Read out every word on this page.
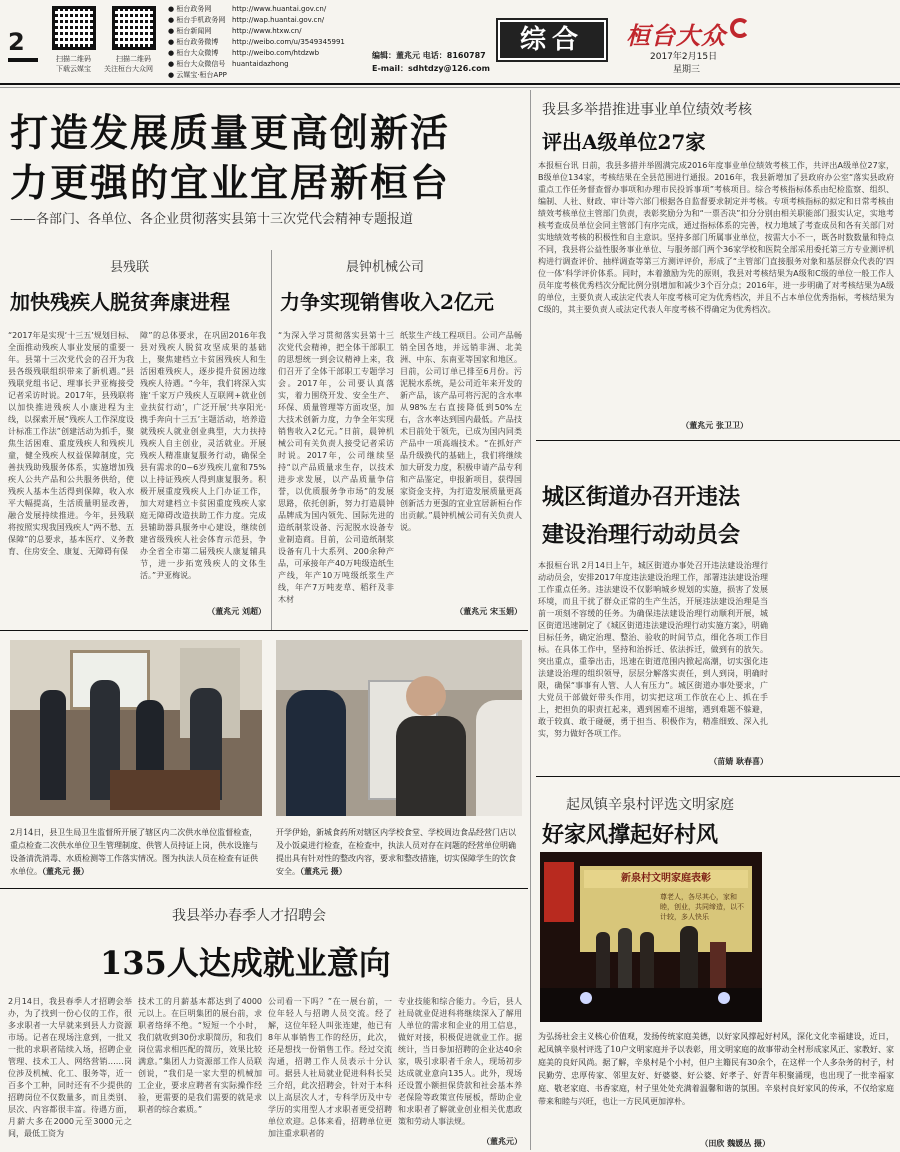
2
扫描二维码
下载云媒宝
扫描二维码
关注桓台大众网
● 桓台政务网	http://www.huantai.gov.cn/
● 桓台手机政务网 http://wap.huantai.gov.cn/
● 桓台新闻网	http://www.htxw.cn/
● 桓台政务微博 http://weibo.com/u/3549345991
● 桓台大众微博 http://weibo.com/htdzwb
● 桓台大众微信号 huantaidazhong
● 云媒宝·桓台APP
编辑：董兆元 电话：8160787
E-mail：sdhtdzy@126.com
综合	桓台大众
2017年2月15日
星期三
打造发展质量更高创新活
力更强的宜业宜居新桓台
——各部门、各单位、各企业贯彻落实县第十三次党代会精神专题报道
县残联
加快残疾人脱贫奔康进程
“2017年是实现‘十三五’规划目标、全面推动残疾人事业发展的重要一年。县第十三次党代会的召开为我县各级残联组织带来了新机遇。”县残联党组书记、理事长尹亚梅接受记者采访时说。2017年，县残联将以加快推进残疾人小康进程为主线，以探索开展“残疾人工作深度设计标准工作法”创建活动为抓手，聚焦生活困难、重度残疾人和残疾儿童，健全残疾人权益保障制度，完善扶残助残服务体系，实施增加残疾人公共产品和公共服务供给，使残疾人基本生活得到保障，收入水平大幅提高，生活质量明显改善，融合发展持续推进。今年，县残联将按照实现我国残疾人“两不愁、五保障”的总要求，基本医疗、义务教育、住房安全、康复、无障碍有保
障”的总体要求，在巩固2016年我县对残疾人脱贫攻坚成果的基础上，聚焦建档立卡贫困残疾人和生活困难残疾人，逐步提升贫困边缘残疾人待遇。“今年，我们将深入实施‘千家万户残疾人互联网+就业创业扶贫行动’，广泛开展‘共享阳光·携手奔向十三五’主题活动，培养造就残疾人就业创业典型，大力扶持残疾人自主创业，灵活就业。开展残疾人精准康复服务行动，确保全县有需求的0~6岁残疾儿童和75%以上持证残疾人得到康复服务。积极开展重度残疾人上门办证工作，加大对建档立卡贫困重度残疾人家庭无障碍改造扶助工作力度。完成县辅助器具服务中心建设，继续创建省级残疾人社会体育示范县，争办全省全市第二届残疾人康复辅具节，进一步拓宽残疾人的文体生活。”尹亚梅说。
（董兆元 刘超）
晨钟机械公司
力争实现销售收入2亿元
“为深入学习贯彻落实县第十三次党代会精神，把全体干部职工的思想统一到会议精神上来，我们召开了全体干部职工专题学习会。2017年，公司要认真落实，着力围绕开发、安全生产、环保、质量管理等方面攻坚，加大技术创新力度，力争全年实现销售收入2亿元。”日前，晨钟机械公司有关负责人接受记者采访时说。2017年，公司继续坚持“以产品质量求生存，以技术进步求发展，以产品质量争信誉，以优质服务争市场”的发展思路，依托创新，努力打造晨钟品牌成为国内领先、国际先进的造纸制浆设备、污泥脱水设备专业制造商。目前，公司造纸制浆设备有几十大系列、200余种产品，可承接年产40万吨级造纸生产线，年产10万吨级纸浆生产线，年产7万吨麦草、稻秆及非木材
纸浆生产线工程项目。公司产品畅销全国各地，并远销非洲、北美洲、中东、东南亚等国家和地区。目前，公司订单已排至6月份。污泥脱水系统，是公司近年来开发的新产品，该产品可将污泥的含水率从98%左右直接降低到50%左右，含水率达到国内最低。产品技术目前处于领先，已成为国内同类产品中一项高端技术。“在抓好产品升级换代的基础上，我们将继续加大研发力度，积极申请产品专利和产品鉴定，申报新项目，获得国家资金支持，为打造发展质量更高创新活力更强的宜业宜居新桓台作出贡献。”晨钟机械公司有关负责人说。
（董兆元 宋玉娟）
2月14日，县卫生局卫生监督所开展了辖区内二次供水单位监督检查，重点检查二次供水单位卫生管理制度、供管人员持证上岗，供水设施与设备清洗消毒、水质检测等工作落实情况。图为执法人员在检查有证供水单位。（董兆元 摄）
开学伊始，新城食药所对辖区内学校食堂、学校周边食品经营门店以及小饭桌进行检查，在检查中，执法人员对存在问题的经营单位明确提出具有针对性的整改内容，要求和整改措施，切实保障学生的饮食安全。（董兆元 摄）
我县举办春季人才招聘会
135人达成就业意向
2月14日，我县春季人才招聘会举办，为了找到一份心仪的工作，很多求职者一大早就来到县人力资源市场。记者在现场注意到，一批又一批的求职者陆续入场，招聘企业管理、技术工人、网络营销……岗位涉及机械、化工、服务等，近一百多个工种，同时还有不少提供的招聘岗位不仅数量多，而且类别、层次、内容都很丰富。待遇方面，月薪大多在2000元至3000元之间，最低工资为
技术工的月薪基本都达到了4000元以上。在巨明集团的展台前，求职者络绎不绝。“短短一个小时，我们就收到30份求职简历，和我们岗位需求相匹配的简历，效果比较满意。”集团人力资源部工作人员联创说，“我们是一家大型的机械加工企业，要求应聘者有实际操作经验，更需要的是我们需要的就是求职者的综合素质。”
公司看一下吗？”在一展台前，一位年轻人与招聘人员交流。经了解，这位年轻人叫张连建，他已有8年从事销售工作的经历，此次，还是想找一份销售工作。经过交流沟通，招聘工作人员表示十分认可。据县人社局就业促进科科长吴三介绍，此次招聘会，针对于本科以上高层次人才，专科学历及中专学历的实用型人才求职者更受招聘单位欢迎。总体来看，招聘单位更加注重求职者的
专业技能和综合能力。今后，县人社局就业促进科将继续深入了解用人单位的需求和企业的用工信息，做好对接，积极促进就业工作。据统计，当日参加招聘的企业达40余家，吸引求职者千余人，现场初步达成就业意向135人。此外，现场还设置小额担保贷款和社会基本养老保险等政策宣传展板，帮助企业和求职者了解就业创业相关优惠政策和劳动人事法规。
（董兆元）
我县多举措推进事业单位绩效考核
评出A级单位27家
本报桓台讯 日前，我县多措并举圆满完成2016年度事业单位绩效考核工作，共评出A级单位27家，B级单位134家，考核结果在全县范围进行通报。2016年，我县新增加了县政府办公室“落实县政府重点工作任务督查督办事项和办理市民投诉事项”考核项目。综合考核指标体系由纪检监察、组织、编制、人社、财政、审计等六部门根据各自监督要求制定并考核。专项考核指标的拟定和日常考核由绩效考核单位主管部门负责，表彰奖励分为和“一票否决”扣分分别由相关职能部门报实认定，实地考核考查成员单位会同主管部门有序完成，通过指标体系的完善，权力地域了考查成员和各有关部门对实地绩效考核的积极性和自主意识。坚持多部门所属事业单位，按需大小不一，既各时数数量和特点不同，我县将公益性服务事业单位、与服务部门两个36家学校和医院全部采用委托第三方专业测评机构进行调查评价、抽样调查等第三方测评评价，形成了“主管部门直接服务对象和基层群众代表的‘四位一体’科学评价体系。同时，本着激励为先的原则，我县对考核结果为A级和C级的单位一般工作人员年度考核优秀档次分配比例分别增加和减少3个百分点；2016年，进一步明确了对考核结果为A级的单位，主要负责人或法定代表人年度考核可定为优秀档次，并且不占本单位优秀指标，考核结果为C级的，其主要负责人或法定代表人年度考核不得确定为优秀档次。
（董兆元 张卫卫）
城区街道办召开违法
建设治理行动动员会
本报桓台讯 2月14日上午，城区街道办事处召开违法建设治理行动动员会，安排2017年度违法建设治理工作，部署违法建设治理工作重点任务。违法建设不仅影响城乡规划的实施，损害了发展环境，而且干扰了群众正常的生产生活，开展违法建设治理是当前一项刻不容缓的任务。为确保违法建设治理行动顺利开展，城区街道迅速制定了《城区街道违法建设治理行动实施方案》，明确目标任务，确定治理、整治、验收的时间节点，细化各项工作目标。在具体工作中，坚持和治拆迁、依法拆迁，做到有的放矢。突出重点，重拳出击，迅速在街道范围内掀起高潮，切实强化违法建设治理的组织领导，层层分解落实责任，到人到岗，明确时限，确保“事事有人管、人人有压力”。城区街道办事处要求，广大党员干部做好带头作用，切实把这项工作放在心上、抓在手上，把担负的职责扛起来，遇到困难不退缩，遇到难题不躲避，敢于较真、敢于碰硬，勇于担当、积极作为，精准细致、深入扎实，努力做好各项工作。
（苗婧 耿春喜）
起凤镇辛泉村评选文明家庭
好家风撑起好村风
新泉村文明家庭表彰
尊老人，各尽其心，家和睦，创业，共同缔造，以不计较，多人快乐
为弘扬社会主义核心价值观，发扬传统家庭美德，以好家风撑起好村风，深化文化幸福建设，近日，起凤镇辛泉村评选了10户文明家庭并予以表彰，用文明家庭的故事带动全村形成家风正、家教好、家庭美的良好风尚。据了解，辛泉村是个小村，但户主籍民有30余个，在这样一个人多杂务的村子，村民勤劳、忠厚传家、邻里友好、好婆婆、好公婆、好孝子、好青年积聚涌现，也出现了一批幸福家庭、敬老家庭、书香家庭，村子里处处充满着温馨和谐的氛围。辛泉村良好家风的传承，不仅给家庭带来和睦与兴旺，也让一方民风更加淳朴。
（田欣 魏媛丛 摄）
